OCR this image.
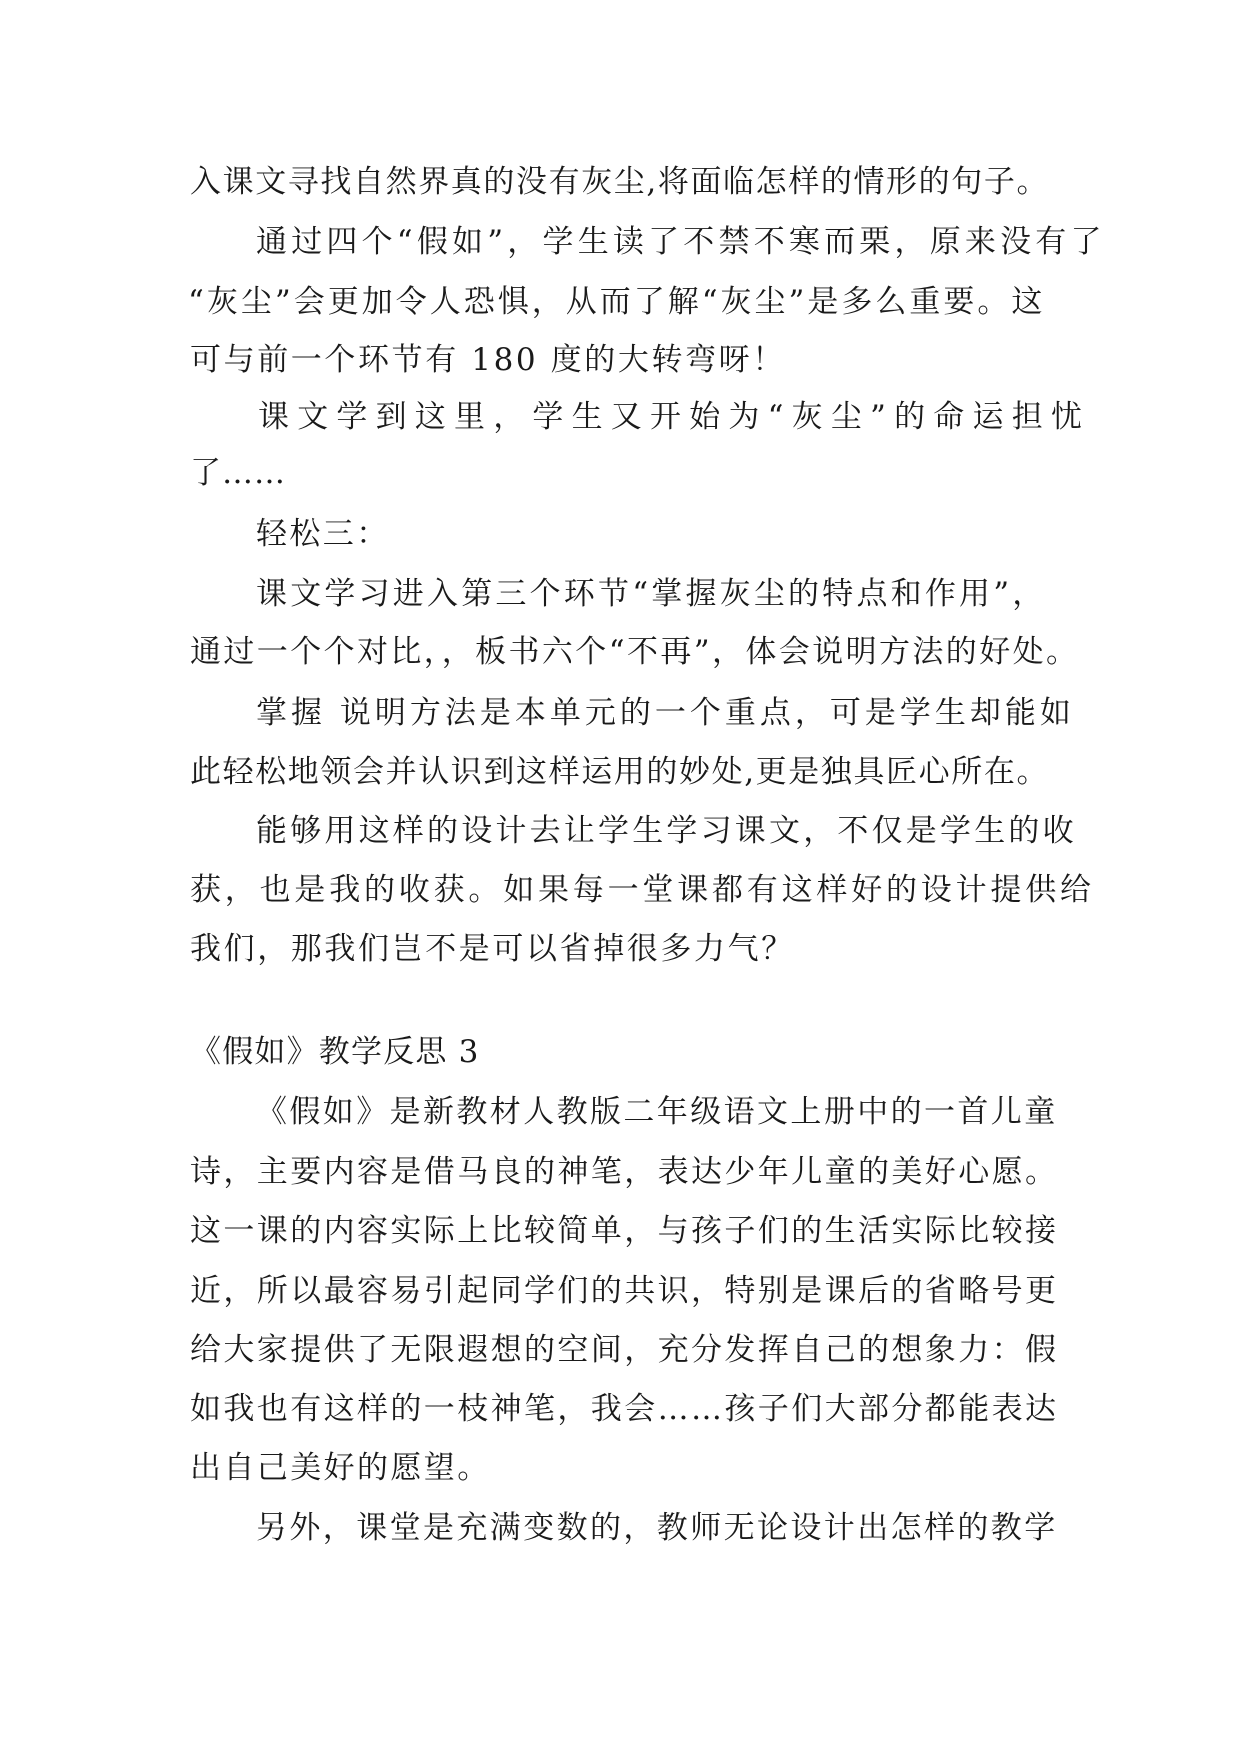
入课文寻找自然界真的没有灰尘,将面临怎样的情形的句子。
通过四个“假如”，学生读了不禁不寒而栗，原来没有了
“灰尘”会更加令人恐惧，从而了解“灰尘”是多么重要。这
可与前一个环节有 180 度的大转弯呀！
课文学到这里，学生又开始为“灰尘”的命运担忧
了……
轻松三：
课文学习进入第三个环节“掌握灰尘的特点和作用”，
通过一个个对比，，板书六个“不再”，体会说明方法的好处。
掌握 说明方法是本单元的一个重点，可是学生却能如
此轻松地领会并认识到这样运用的妙处,更是独具匠心所在。
能够用这样的设计去让学生学习课文，不仅是学生的收
获，也是我的收获。如果每一堂课都有这样好的设计提供给
我们，那我们岂不是可以省掉很多力气？
《假如》教学反思 3
《假如》是新教材人教版二年级语文上册中的一首儿童
诗，主要内容是借马良的神笔，表达少年儿童的美好心愿。
这一课的内容实际上比较简单，与孩子们的生活实际比较接
近，所以最容易引起同学们的共识，特别是课后的省略号更
给大家提供了无限遐想的空间，充分发挥自己的想象力：假
如我也有这样的一枝神笔，我会……孩子们大部分都能表达
出自己美好的愿望。
另外，课堂是充满变数的，教师无论设计出怎样的教学
